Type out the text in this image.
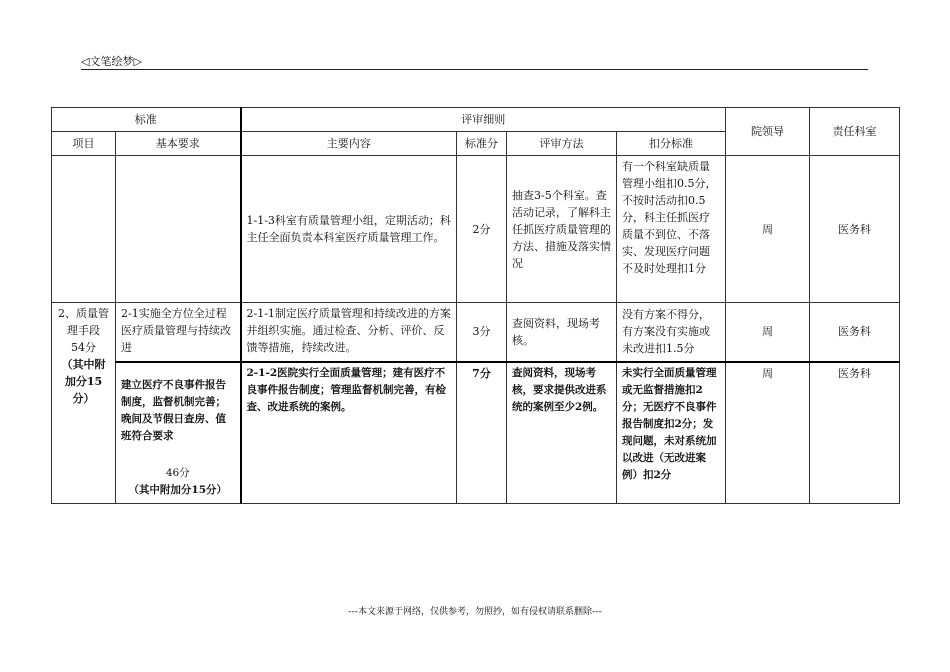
◁文笔绘梦▷
标准		评审细则				院领导	责任科室
项目	基本要求	主要内容	标准分	评审方法	扣分标准		
		1-1-3科室有质量管理小组，定期活动；科主任全面负责本科室医疗质量管理工作。	2分	抽查3-5个科室。查活动记录，了解科主任抓医疗质量管理的方法、措施及落实情况	有一个科室缺质量管理小组扣0.5分，不按时活动扣0.5分，科主任抓医疗质量不到位、不落实、发现医疗问题不及时处理扣1分	周	医务科

2、质量管理手段
54分
（其中附加分15分）	2-1实施全方位全过程医疗质量管理与持续改进	2-1-1制定医疗质量管理和持续改进的方案并组织实施。通过检查、分析、评价、反馈等措施，持续改进。	3分	查阅资料，现场考核。	没有方案不得分，有方案没有实施或未改进扣1.5分	周	医务科

	建立医疗不良事件报告制度，监督机制完善；晚间及节假日查房、值班符合要求
46分
（其中附加分15分）	2-1-2医院实行全面质量管理；建有医疗不良事件报告制度；管理监督机制完善，有检查、改进系统的案例。	7分	查阅资料，现场考核，要求提供改进系统的案例至少2例。	未实行全面质量管理或无监督措施扣2分；无医疗不良事件报告制度扣2分；发现问题，未对系统加以改进（无改进案例）扣2分	周	医务科
---本文来源于网络，仅供参考，勿照抄，如有侵权请联系删除---
